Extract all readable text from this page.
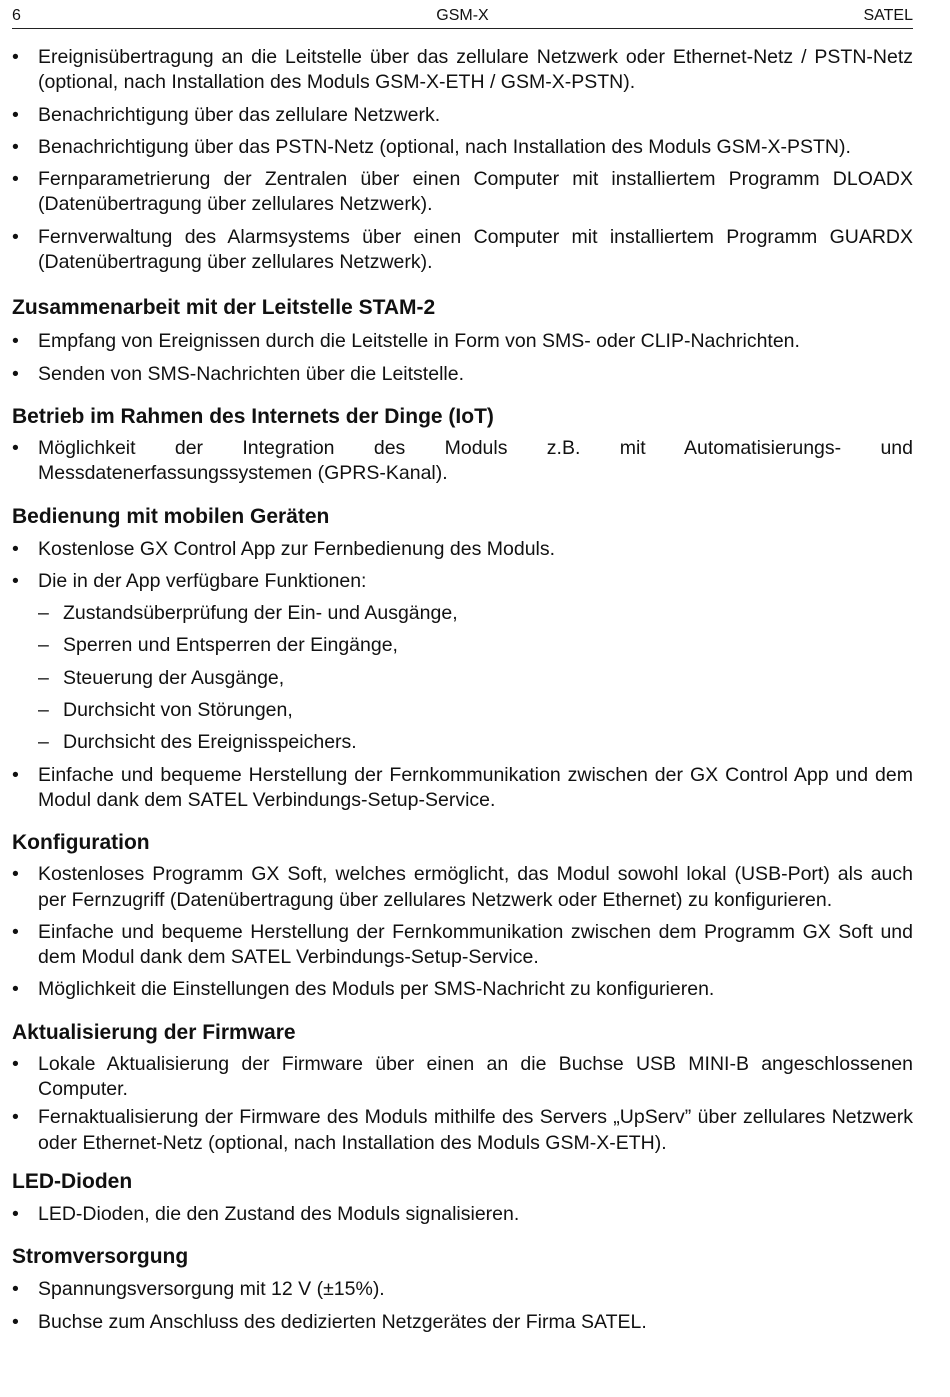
6	GSM-X	SATEL
• Ereignisübertragung an die Leitstelle über das zellulare Netzwerk oder Ethernet-Netz / PSTN-Netz (optional, nach Installation des Moduls GSM-X-ETH / GSM-X-PSTN).
• Benachrichtigung über das zellulare Netzwerk.
• Benachrichtigung über das PSTN-Netz (optional, nach Installation des Moduls GSM-X-PSTN).
• Fernparametrierung der Zentralen über einen Computer mit installiertem Programm DLOADX (Datenübertragung über zellulares Netzwerk).
• Fernverwaltung des Alarmsystems über einen Computer mit installiertem Programm GUARDX (Datenübertragung über zellulares Netzwerk).
Zusammenarbeit mit der Leitstelle STAM-2
• Empfang von Ereignissen durch die Leitstelle in Form von SMS- oder CLIP-Nachrichten.
• Senden von SMS-Nachrichten über die Leitstelle.
Betrieb im Rahmen des Internets der Dinge (IoT)
• Möglichkeit der Integration des Moduls z.B. mit Automatisierungs- und Messdatenerfassungssystemen (GPRS-Kanal).
Bedienung mit mobilen Geräten
• Kostenlose GX Control App zur Fernbedienung des Moduls.
• Die in der App verfügbare Funktionen:
– Zustandsüberprüfung der Ein- und Ausgänge,
– Sperren und Entsperren der Eingänge,
– Steuerung der Ausgänge,
– Durchsicht von Störungen,
– Durchsicht des Ereignisspeichers.
• Einfache und bequeme Herstellung der Fernkommunikation zwischen der GX Control App und dem Modul dank dem SATEL Verbindungs-Setup-Service.
Konfiguration
• Kostenloses Programm GX Soft, welches ermöglicht, das Modul sowohl lokal (USB-Port) als auch per Fernzugriff (Datenübertragung über zellulares Netzwerk oder Ethernet) zu konfigurieren.
• Einfache und bequeme Herstellung der Fernkommunikation zwischen dem Programm GX Soft und dem Modul dank dem SATEL Verbindungs-Setup-Service.
• Möglichkeit die Einstellungen des Moduls per SMS-Nachricht zu konfigurieren.
Aktualisierung der Firmware
• Lokale Aktualisierung der Firmware über einen an die Buchse USB MINI-B angeschlossenen Computer.
• Fernaktualisierung der Firmware des Moduls mithilfe des Servers „UpServ” über zellulares Netzwerk oder Ethernet-Netz (optional, nach Installation des Moduls GSM-X-ETH).
LED-Dioden
• LED-Dioden, die den Zustand des Moduls signalisieren.
Stromversorgung
• Spannungsversorgung mit 12 V (±15%).
• Buchse zum Anschluss des dedizierten Netzgerätes der Firma SATEL.
